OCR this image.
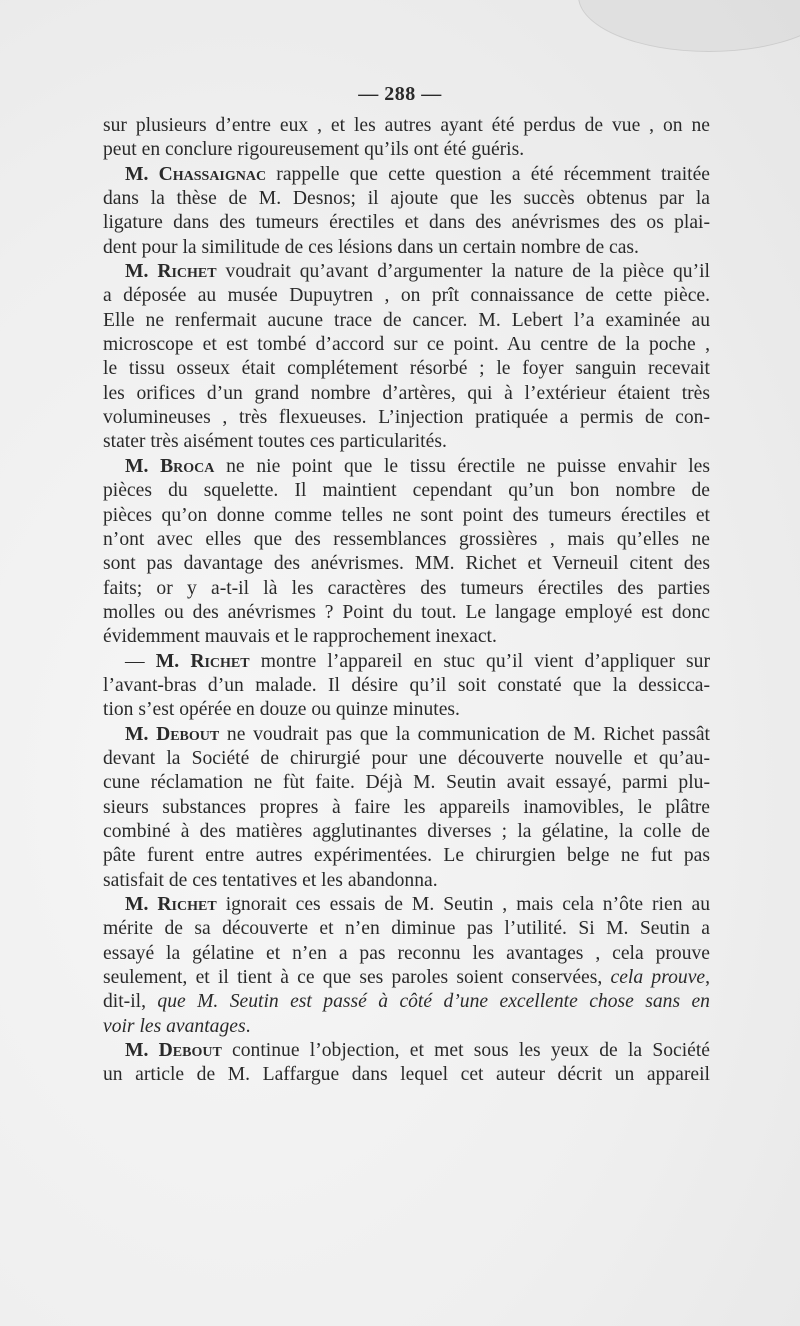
— 288 —
sur plusieurs d’entre eux , et les autres ayant été perdus de vue , on ne
peut en conclure rigoureusement qu’ils ont été guéris.
M. Chassaignac rappelle que cette question a été récemment traitée
dans la thèse de M. Desnos; il ajoute que les succès obtenus par la
ligature dans des tumeurs érectiles et dans des anévrismes des os plai-
dent pour la similitude de ces lésions dans un certain nombre de cas.
M. Richet voudrait qu’avant d’argumenter la nature de la pièce qu’il
a déposée au musée Dupuytren , on prît connaissance de cette pièce.
Elle ne renfermait aucune trace de cancer. M. Lebert l’a examinée au
microscope et est tombé d’accord sur ce point. Au centre de la poche ,
le tissu osseux était complétement résorbé ; le foyer sanguin recevait
les orifices d’un grand nombre d’artères, qui à l’extérieur étaient très
volumineuses , très flexueuses. L’injection pratiquée a permis de con-
stater très aisément toutes ces particularités.
M. Broca ne nie point que le tissu érectile ne puisse envahir les
pièces du squelette. Il maintient cependant qu’un bon nombre de
pièces qu’on donne comme telles ne sont point des tumeurs érectiles et
n’ont avec elles que des ressemblances grossières , mais qu’elles ne
sont pas davantage des anévrismes. MM. Richet et Verneuil citent des
faits; or y a-t-il là les caractères des tumeurs érectiles des parties
molles ou des anévrismes ? Point du tout. Le langage employé est donc
évidemment mauvais et le rapprochement inexact.
— M. Richet montre l’appareil en stuc qu’il vient d’appliquer sur
l’avant-bras d’un malade. Il désire qu’il soit constaté que la dessicca-
tion s’est opérée en douze ou quinze minutes.
M. Debout ne voudrait pas que la communication de M. Richet passât
devant la Société de chirurgié pour une découverte nouvelle et qu’au-
cune réclamation ne fùt faite. Déjà M. Seutin avait essayé, parmi plu-
sieurs substances propres à faire les appareils inamovibles, le plâtre
combiné à des matières agglutinantes diverses ; la gélatine, la colle de
pâte furent entre autres expérimentées. Le chirurgien belge ne fut pas
satisfait de ces tentatives et les abandonna.
M. Richet ignorait ces essais de M. Seutin , mais cela n’ôte rien au
mérite de sa découverte et n’en diminue pas l’utilité. Si M. Seutin a
essayé la gélatine et n’en a pas reconnu les avantages , cela prouve
seulement, et il tient à ce que ses paroles soient conservées, cela prouve,
dit-il, que M. Seutin est passé à côté d’une excellente chose sans en
voir les avantages.
M. Debout continue l’objection, et met sous les yeux de la Société
un article de M. Laffargue dans lequel cet auteur décrit un appareil
